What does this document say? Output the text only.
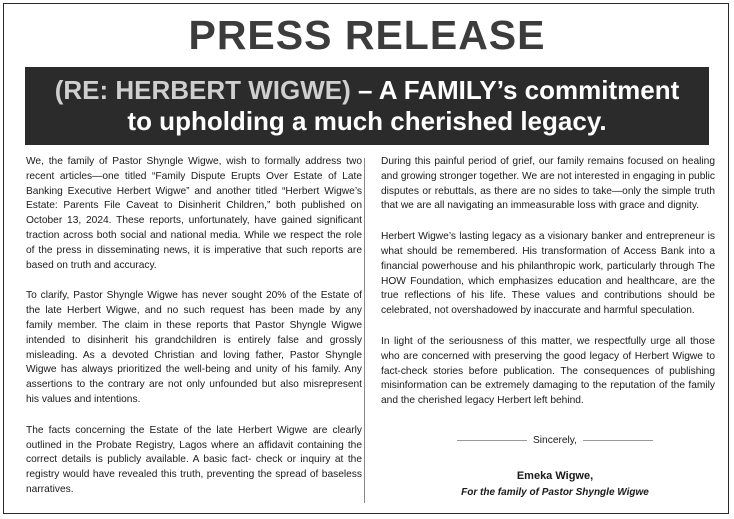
PRESS RELEASE
(RE: HERBERT WIGWE) – A FAMILY’s commitment
to upholding a much cherished legacy.

We, the family of Pastor Shyngle Wigwe, wish to formally address two recent articles—one titled “Family Dispute Erupts Over Estate of Late Banking Executive Herbert Wigwe” and another titled “Herbert Wigwe’s Estate: Parents File Caveat to Disinherit Children,” both published on October 13, 2024. These reports, unfortunately, have gained significant traction across both social and national media. While we respect the role of the press in disseminating news, it is imperative that such reports are based on truth and accuracy.

To clarify, Pastor Shyngle Wigwe has never sought 20% of the Estate of the late Herbert Wigwe, and no such request has been made by any family member. The claim in these reports that Pastor Shyngle Wigwe intended to disinherit his grandchildren is entirely false and grossly misleading. As a devoted Christian and loving father, Pastor Shyngle Wigwe has always prioritized the well-being and unity of his family. Any assertions to the contrary are not only unfounded but also misrepresent his values and intentions.

The facts concerning the Estate of the late Herbert Wigwe are clearly outlined in the Probate Registry, Lagos where an affidavit containing the correct details is publicly available. A basic fact- check or inquiry at the registry would have revealed this truth, preventing the spread of baseless narratives.

During this painful period of grief, our family remains focused on healing and growing stronger together. We are not interested in engaging in public disputes or rebuttals, as there are no sides to take—only the simple truth that we are all navigating an immeasurable loss with grace and dignity.

Herbert Wigwe’s lasting legacy as a visionary banker and entrepreneur is what should be remembered. His transformation of Access Bank into a financial powerhouse and his philanthropic work, particularly through The HOW Foundation, which emphasizes education and healthcare, are the true reflections of his life. These values and contributions should be celebrated, not overshadowed by inaccurate and harmful speculation.

In light of the seriousness of this matter, we respectfully urge all those who are concerned with preserving the good legacy of Herbert Wigwe to fact-check stories before publication. The consequences of publishing misinformation can be extremely damaging to the reputation of the family and the cherished legacy Herbert left behind.

Sincerely,
Emeka Wigwe,
For the family of Pastor Shyngle Wigwe
